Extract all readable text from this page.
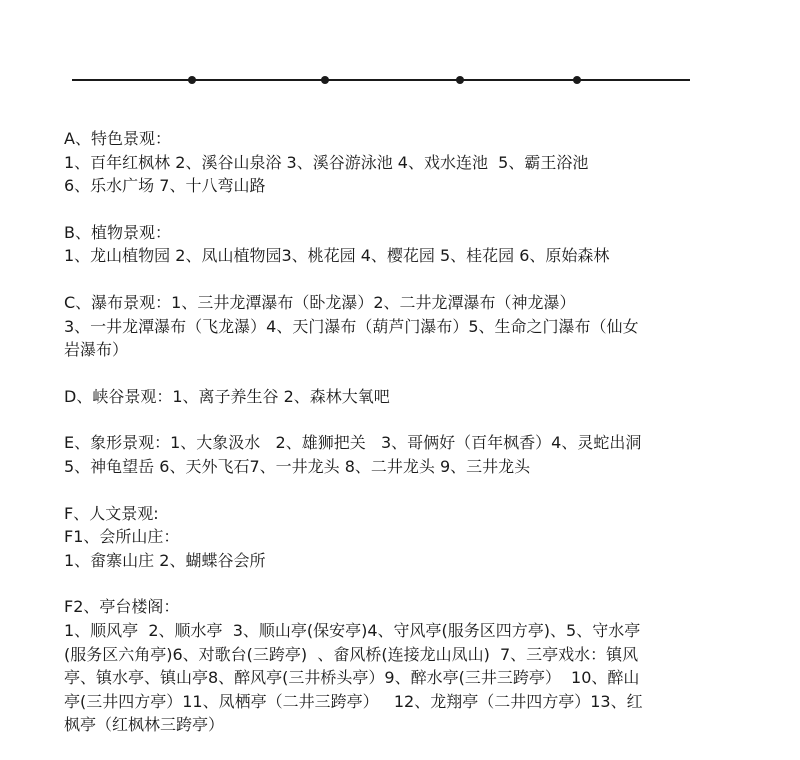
A、特色景观：
1、百年红枫林 2、溪谷山泉浴 3、溪谷游泳池 4、戏水连池  5、霸王浴池
6、乐水广场 7、十八弯山路
B、植物景观：
1、龙山植物园 2、凤山植物园3、桃花园 4、樱花园 5、桂花园 6、原始森林
C、瀑布景观：1、三井龙潭瀑布（卧龙瀑）2、二井龙潭瀑布（神龙瀑）
3、一井龙潭瀑布（飞龙瀑）4、天门瀑布（葫芦门瀑布）5、生命之门瀑布（仙女
岩瀑布）
D、峡谷景观：1、离子养生谷 2、森林大氧吧
E、象形景观：1、大象汲水   2、雄狮把关   3、哥俩好（百年枫香）4、灵蛇出洞
5、神龟望岳 6、天外飞石7、一井龙头 8、二井龙头 9、三井龙头
F、人文景观:
F1、会所山庄：
1、畲寨山庄 2、蝴蝶谷会所
F2、亭台楼阁：
1、顺风亭  2、顺水亭  3、顺山亭(保安亭)4、守风亭(服务区四方亭)、5、守水亭
(服务区六角亭)6、对歌台(三跨亭)  、畲风桥(连接龙山凤山)  7、三亭戏水：镇风
亭、镇水亭、镇山亭8、醉风亭(三井桥头亭）9、醉水亭(三井三跨亭）  10、醉山
亭(三井四方亭）11、凤栖亭（二井三跨亭）   12、龙翔亭（二井四方亭）13、红
枫亭（红枫林三跨亭）
